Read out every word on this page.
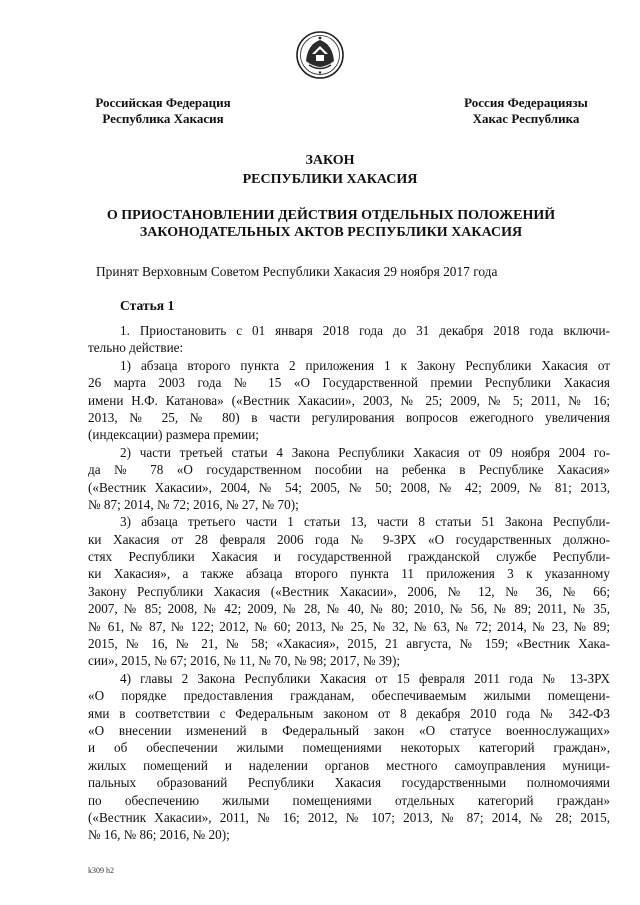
Российская Федерация
Республика Хакасия
Россия Федерациязы
Хакас Республика
ЗАКОН
РЕСПУБЛИКИ ХАКАСИЯ
О ПРИОСТАНОВЛЕНИИ ДЕЙСТВИЯ ОТДЕЛЬНЫХ ПОЛОЖЕНИЙ
ЗАКОНОДАТЕЛЬНЫХ АКТОВ РЕСПУБЛИКИ ХАКАСИЯ
Принят Верховным Советом Республики Хакасия 29 ноября 2017 года
Статья 1
1. Приостановить с 01 января 2018 года до 31 декабря 2018 года включи-
тельно действие:
1) абзаца второго пункта 2 приложения 1 к Закону Республики Хакасия от
26 марта 2003 года № 15 «О Государственной премии Республики Хакасия
имени Н.Ф. Катанова» («Вестник Хакасии», 2003, № 25; 2009, № 5; 2011, № 16;
2013, № 25, № 80) в части регулирования вопросов ежегодного увеличения
(индексации) размера премии;
2) части третьей статьи 4 Закона Республики Хакасия от 09 ноября 2004 го-
да № 78 «О государственном пособии на ребенка в Республике Хакасия»
(«Вестник Хакасии», 2004, № 54; 2005, № 50; 2008, № 42; 2009, № 81; 2013,
№ 87; 2014, № 72; 2016, № 27, № 70);
3) абзаца третьего части 1 статьи 13, части 8 статьи 51 Закона Республи-
ки Хакасия от 28 февраля 2006 года № 9-ЗРХ «О государственных должно-
стях Республики Хакасия и государственной гражданской службе Республи-
ки Хакасия», а также абзаца второго пункта 11 приложения 3 к указанному
Закону Республики Хакасия («Вестник Хакасии», 2006, № 12, № 36, № 66;
2007, № 85; 2008, № 42; 2009, № 28, № 40, № 80; 2010, № 56, № 89; 2011, № 35,
№ 61, № 87, № 122; 2012, № 60; 2013, № 25, № 32, № 63, № 72; 2014, № 23, № 89;
2015, № 16, № 21, № 58; «Хакасия», 2015, 21 августа, № 159; «Вестник Хака-
сии», 2015, № 67; 2016, № 11, № 70, № 98; 2017, № 39);
4) главы 2 Закона Республики Хакасия от 15 февраля 2011 года № 13-ЗРХ
«О порядке предоставления гражданам, обеспечиваемым жилыми помещени-
ями в соответствии с Федеральным законом от 8 декабря 2010 года № 342-ФЗ
«О внесении изменений в Федеральный закон «О статусе военнослужащих»
и об обеспечении жилыми помещениями некоторых категорий граждан»,
жилых помещений и наделении органов местного самоуправления муници-
пальных образований Республики Хакасия государственными полномочиями
по обеспечению жилыми помещениями отдельных категорий граждан»
(«Вестник Хакасии», 2011, № 16; 2012, № 107; 2013, № 87; 2014, № 28; 2015,
№ 16, № 86; 2016, № 20);
k309 h2
